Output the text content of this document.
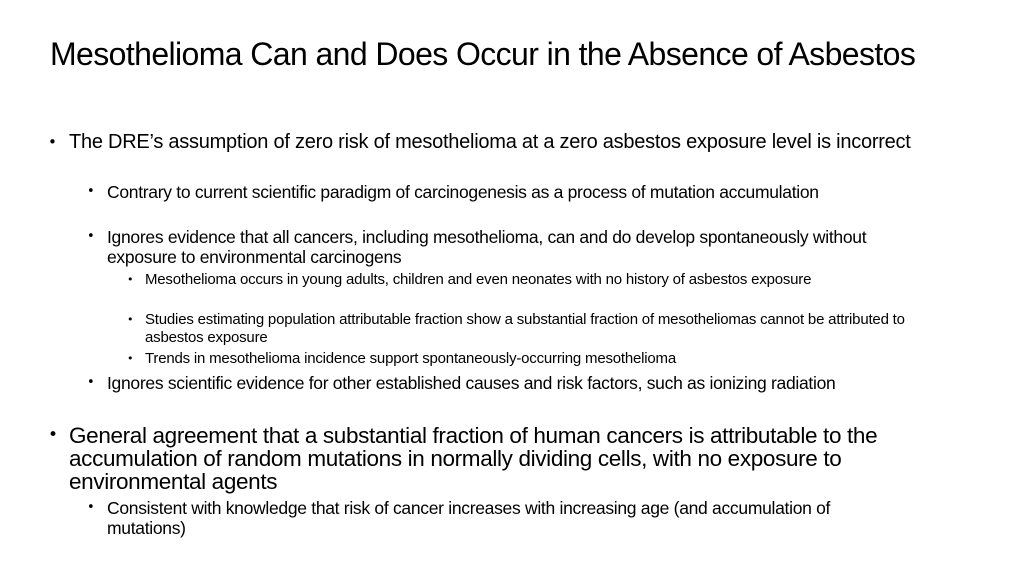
Mesothelioma Can and Does Occur in the Absence of Asbestos
• The DRE’s assumption of zero risk of mesothelioma at a zero asbestos exposure level is incorrect
• Contrary to current scientific paradigm of carcinogenesis as a process of mutation accumulation
• Ignores evidence that all cancers, including mesothelioma, can and do develop spontaneously without exposure to environmental carcinogens
• Mesothelioma occurs in young adults, children and even neonates with no history of asbestos exposure
• Studies estimating population attributable fraction show a substantial fraction of mesotheliomas cannot be attributed to asbestos exposure
• Trends in mesothelioma incidence support spontaneously-occurring mesothelioma
• Ignores scientific evidence for other established causes and risk factors, such as ionizing radiation
• General agreement that a substantial fraction of human cancers is attributable to the accumulation of random mutations in normally dividing cells, with no exposure to environmental agents
• Consistent with knowledge that risk of cancer increases with increasing age (and accumulation of mutations)
